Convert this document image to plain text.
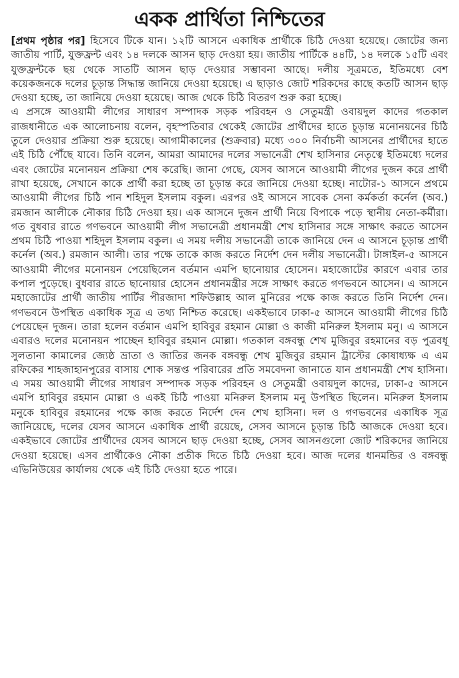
একক প্রার্থিতা নিশ্চিতের

[প্রথম পৃষ্ঠার পর] হিসেবে টিকে যান। ১২টি আসনে একাধিক প্রার্থীকে চিঠি দেওয়া হয়েছে। জোটের জন্য জাতীয় পার্টি, যুক্তফ্রন্ট এবং ১৪ দলকে আসন ছাড় দেওয়া হয়। জাতীয় পার্টিকে ৪৪টি, ১৪ দলকে ১৫টি এবং যুক্তফ্রন্টকে ছয় থেকে সাতটি আসন ছাড় দেওয়ার সম্ভাবনা আছে। দলীয় সূত্রমতে, ইতিমধ্যে বেশ কয়েকজনকে দলের চূড়ান্ত সিদ্ধান্ত জানিয়ে দেওয়া হয়েছে। এ ছাড়াও জোট শরিকদের কাছে কতটি আসন ছাড় দেওয়া হচ্ছে, তা জানিয়ে দেওয়া হয়েছে। আজ থেকে চিঠি বিতরণ শুরু করা হচ্ছে।

এ প্রসঙ্গে আওয়ামী লীগের সাধারণ সম্পাদক সড়ক পরিবহন ও সেতুমন্ত্রী ওবায়দুল কাদের গতকাল রাজধানীতে এক আলোচনায় বলেন, বৃহস্পতিবার থেকেই জোটের প্রার্থীদের হাতে চূড়ান্ত মনোনয়নের চিঠি তুলে দেওয়ার প্রক্রিয়া শুরু হয়েছে। আগামীকালের (শুক্রবার) মধ্যে ৩০০ নির্বাচনী আসনের প্রার্থীদের হাতে এই চিঠি পৌঁছে যাবে। তিনি বলেন, আমরা আমাদের দলের সভানেত্রী শেখ হাসিনার নেতৃত্বে ইতিমধ্যে দলের এবং জোটের মনোনয়ন প্রক্রিয়া শেষ করেছি। জানা গেছে, যেসব আসনে আওয়ামী লীগের দুজন করে প্রার্থী রাখা হয়েছে, সেখানে কাকে প্রার্থী করা হচ্ছে তা চূড়ান্ত করে জানিয়ে দেওয়া হচ্ছে। নাটোর-১ আসনে প্রথমে আওয়ামী লীগের চিঠি পান শহিদুল ইসলাম বকুল। এরপর ওই আসনে সাবেক সেনা কর্মকর্তা কর্নেল (অব.) রমজান আলীকে নৌকার চিঠি দেওয়া হয়। এক আসনে দুজন প্রার্থী নিয়ে বিপাকে পড়ে স্থানীয় নেতা-কর্মীরা। গত বুধবার রাতে গণভবনে আওয়ামী লীগ সভানেত্রী প্রধানমন্ত্রী শেখ হাসিনার সঙ্গে সাক্ষাৎ করতে আসেন প্রথম চিঠি পাওয়া শহিদুল ইসলাম বকুল। এ সময় দলীয় সভানেত্রী তাকে জানিয়ে দেন এ আসনে চূড়ান্ত প্রার্থী কর্নেল (অব.) রমজান আলী। তার পক্ষে তাকে কাজ করতে নির্দেশ দেন দলীয় সভানেত্রী। টাঙ্গাইল-৫ আসনে আওয়ামী লীগের মনোনয়ন পেয়েছিলেন বর্তমান এমপি ছানোয়ার হোসেন। মহাজোটের কারণে এবার তার কপাল পুড়েছে। বুধবার রাতে ছানোয়ার হোসেন প্রধানমন্ত্রীর সঙ্গে সাক্ষাৎ করতে গণভবনে আসেন। এ আসনে মহাজোটের প্রার্থী জাতীয় পার্টির পীরজাদা শফিউল্লাহ আল মুনিরের পক্ষে কাজ করতে তিনি নির্দেশ দেন। গণভবনে উপস্থিত একাধিক সূত্র এ তথ্য নিশ্চিত করেছে। একইভাবে ঢাকা-৫ আসনে আওয়ামী লীগের চিঠি পেয়েছেন দুজন। তারা হলেন বর্তমান এমপি হাবিবুর রহমান মোল্লা ও কাজী মনিরুল ইসলাম মনু। এ আসনে এবারও দলের মনোনয়ন পাচ্ছেন হাবিবুর রহমান মোল্লা। গতকাল বঙ্গবন্ধু শেখ মুজিবুর রহমানের বড় পুত্রবধূ সুলতানা কামালের জ্যেষ্ঠ ভ্রাতা ও জাতির জনক বঙ্গবন্ধু শেখ মুজিবুর রহমান ট্রাস্টের কোষাধ্যক্ষ এ এম রফিকের শাহজাহানপুরের বাসায় শোক সন্তপ্ত পরিবারের প্রতি সমবেদনা জানাতে যান প্রধানমন্ত্রী শেখ হাসিনা। এ সময় আওয়ামী লীগের সাধারণ সম্পাদক সড়ক পরিবহন ও সেতুমন্ত্রী ওবায়দুল কাদের, ঢাকা-৫ আসনে এমপি হাবিবুর রহমান মোল্লা ও একই চিঠি পাওয়া মনিরুল ইসলাম মনু উপস্থিত ছিলেন। মনিরুল ইসলাম মনুকে হাবিবুর রহমানের পক্ষে কাজ করতে নির্দেশ দেন শেখ হাসিনা। দল ও গণভবনের একাধিক সূত্র জানিয়েছে, দলের যেসব আসনে একাধিক প্রার্থী রয়েছে, সেসব আসনে চূড়ান্ত চিঠি আজকে দেওয়া হবে। একইভাবে জোটের প্রার্থীদের যেসব আসনে ছাড় দেওয়া হচ্ছে, সেসব আসনগুলো জোট শরিকদের জানিয়ে দেওয়া হয়েছে। এসব প্রার্থীকেও নৌকা প্রতীক দিতে চিঠি দেওয়া হবে। আজ দলের ধানমন্ডির ও বঙ্গবন্ধু এভিনিউয়ের কার্যালয় থেকে এই চিঠি দেওয়া হতে পারে।
